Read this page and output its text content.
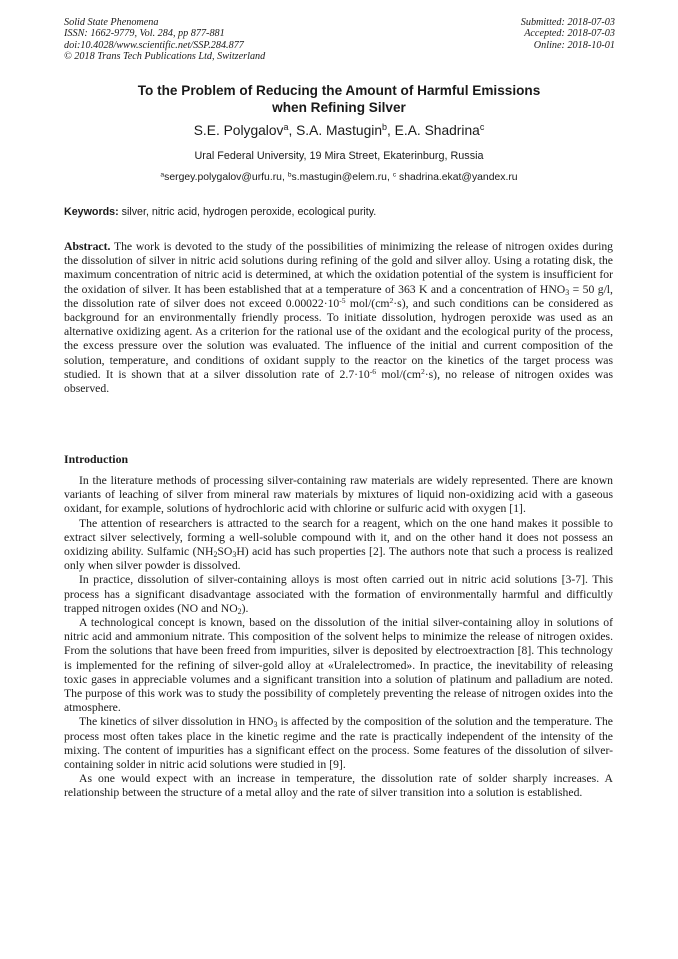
Solid State Phenomena
ISSN: 1662-9779, Vol. 284, pp 877-881
doi:10.4028/www.scientific.net/SSP.284.877
© 2018 Trans Tech Publications Ltd, Switzerland
Submitted: 2018-07-03
Accepted: 2018-07-03
Online: 2018-10-01
To the Problem of Reducing the Amount of Harmful Emissions
when Refining Silver
S.E. Polygalov$^a$, S.A. Mastugin$^b$, E.A. Shadrina$^c$
Ural Federal University, 19 Mira Street, Ekaterinburg, Russia
$^a$sergey.polygalov@urfu.ru, $^b$s.mastugin@elem.ru, $^c$ shadrina.ekat@yandex.ru
Keywords: silver, nitric acid, hydrogen peroxide, ecological purity.
Abstract. The work is devoted to the study of the possibilities of minimizing the release of nitrogen oxides during the dissolution of silver in nitric acid solutions during refining of the gold and silver alloy. Using a rotating disk, the maximum concentration of nitric acid is determined, at which the oxidation potential of the system is insufficient for the oxidation of silver. It has been established that at a temperature of 363 K and a concentration of $HNO_3 = 50$ g/l, the dissolution rate of silver does not exceed $0.00022\cdot 10^{-5}$ mol/$(cm^2\cdot s)$, and such conditions can be considered as background for an environmentally friendly process. To initiate dissolution, hydrogen peroxide was used as an alternative oxidizing agent. As a criterion for the rational use of the oxidant and the ecological purity of the process, the excess pressure over the solution was evaluated. The influence of the initial and current composition of the solution, temperature, and conditions of oxidant supply to the reactor on the kinetics of the target process was studied. It is shown that at a silver dissolution rate of $2.7\cdot 10^{-6}$ mol/$(cm^2\cdot s)$, no release of nitrogen oxides was observed.
Introduction

In the literature methods of processing silver-containing raw materials are widely represented. There are known variants of leaching of silver from mineral raw materials by mixtures of liquid non-oxidizing acid with a gaseous oxidant, for example, solutions of hydrochloric acid with chlorine or sulfuric acid with oxygen [1].

The attention of researchers is attracted to the search for a reagent, which on the one hand makes it possible to extract silver selectively, forming a well-soluble compound with it, and on the other hand it does not possess an oxidizing ability. Sulfamic $(NH_2SO_3H)$ acid has such properties [2]. The authors note that such a process is realized only when silver powder is dissolved.

In practice, dissolution of silver-containing alloys is most often carried out in nitric acid solutions [3-7]. This process has a significant disadvantage associated with the formation of environmentally harmful and difficultly trapped nitrogen oxides (NO and $NO_2$).

A technological concept is known, based on the dissolution of the initial silver-containing alloy in solutions of nitric acid and ammonium nitrate. This composition of the solvent helps to minimize the release of nitrogen oxides. From the solutions that have been freed from impurities, silver is deposited by electroextraction [8]. This technology is implemented for the refining of silver-gold alloy at «Uralelectromed». In practice, the inevitability of releasing toxic gases in appreciable volumes and a significant transition into a solution of platinum and palladium are noted. The purpose of this work was to study the possibility of completely preventing the release of nitrogen oxides into the atmosphere.

The kinetics of silver dissolution in $HNO_3$ is affected by the composition of the solution and the temperature. The process most often takes place in the kinetic regime and the rate is practically independent of the intensity of the mixing. The content of impurities has a significant effect on the process. Some features of the dissolution of silver-containing solder in nitric acid solutions were studied in [9].

As one would expect with an increase in temperature, the dissolution rate of solder sharply increases. A relationship between the structure of a metal alloy and the rate of silver transition into a solution is established.
